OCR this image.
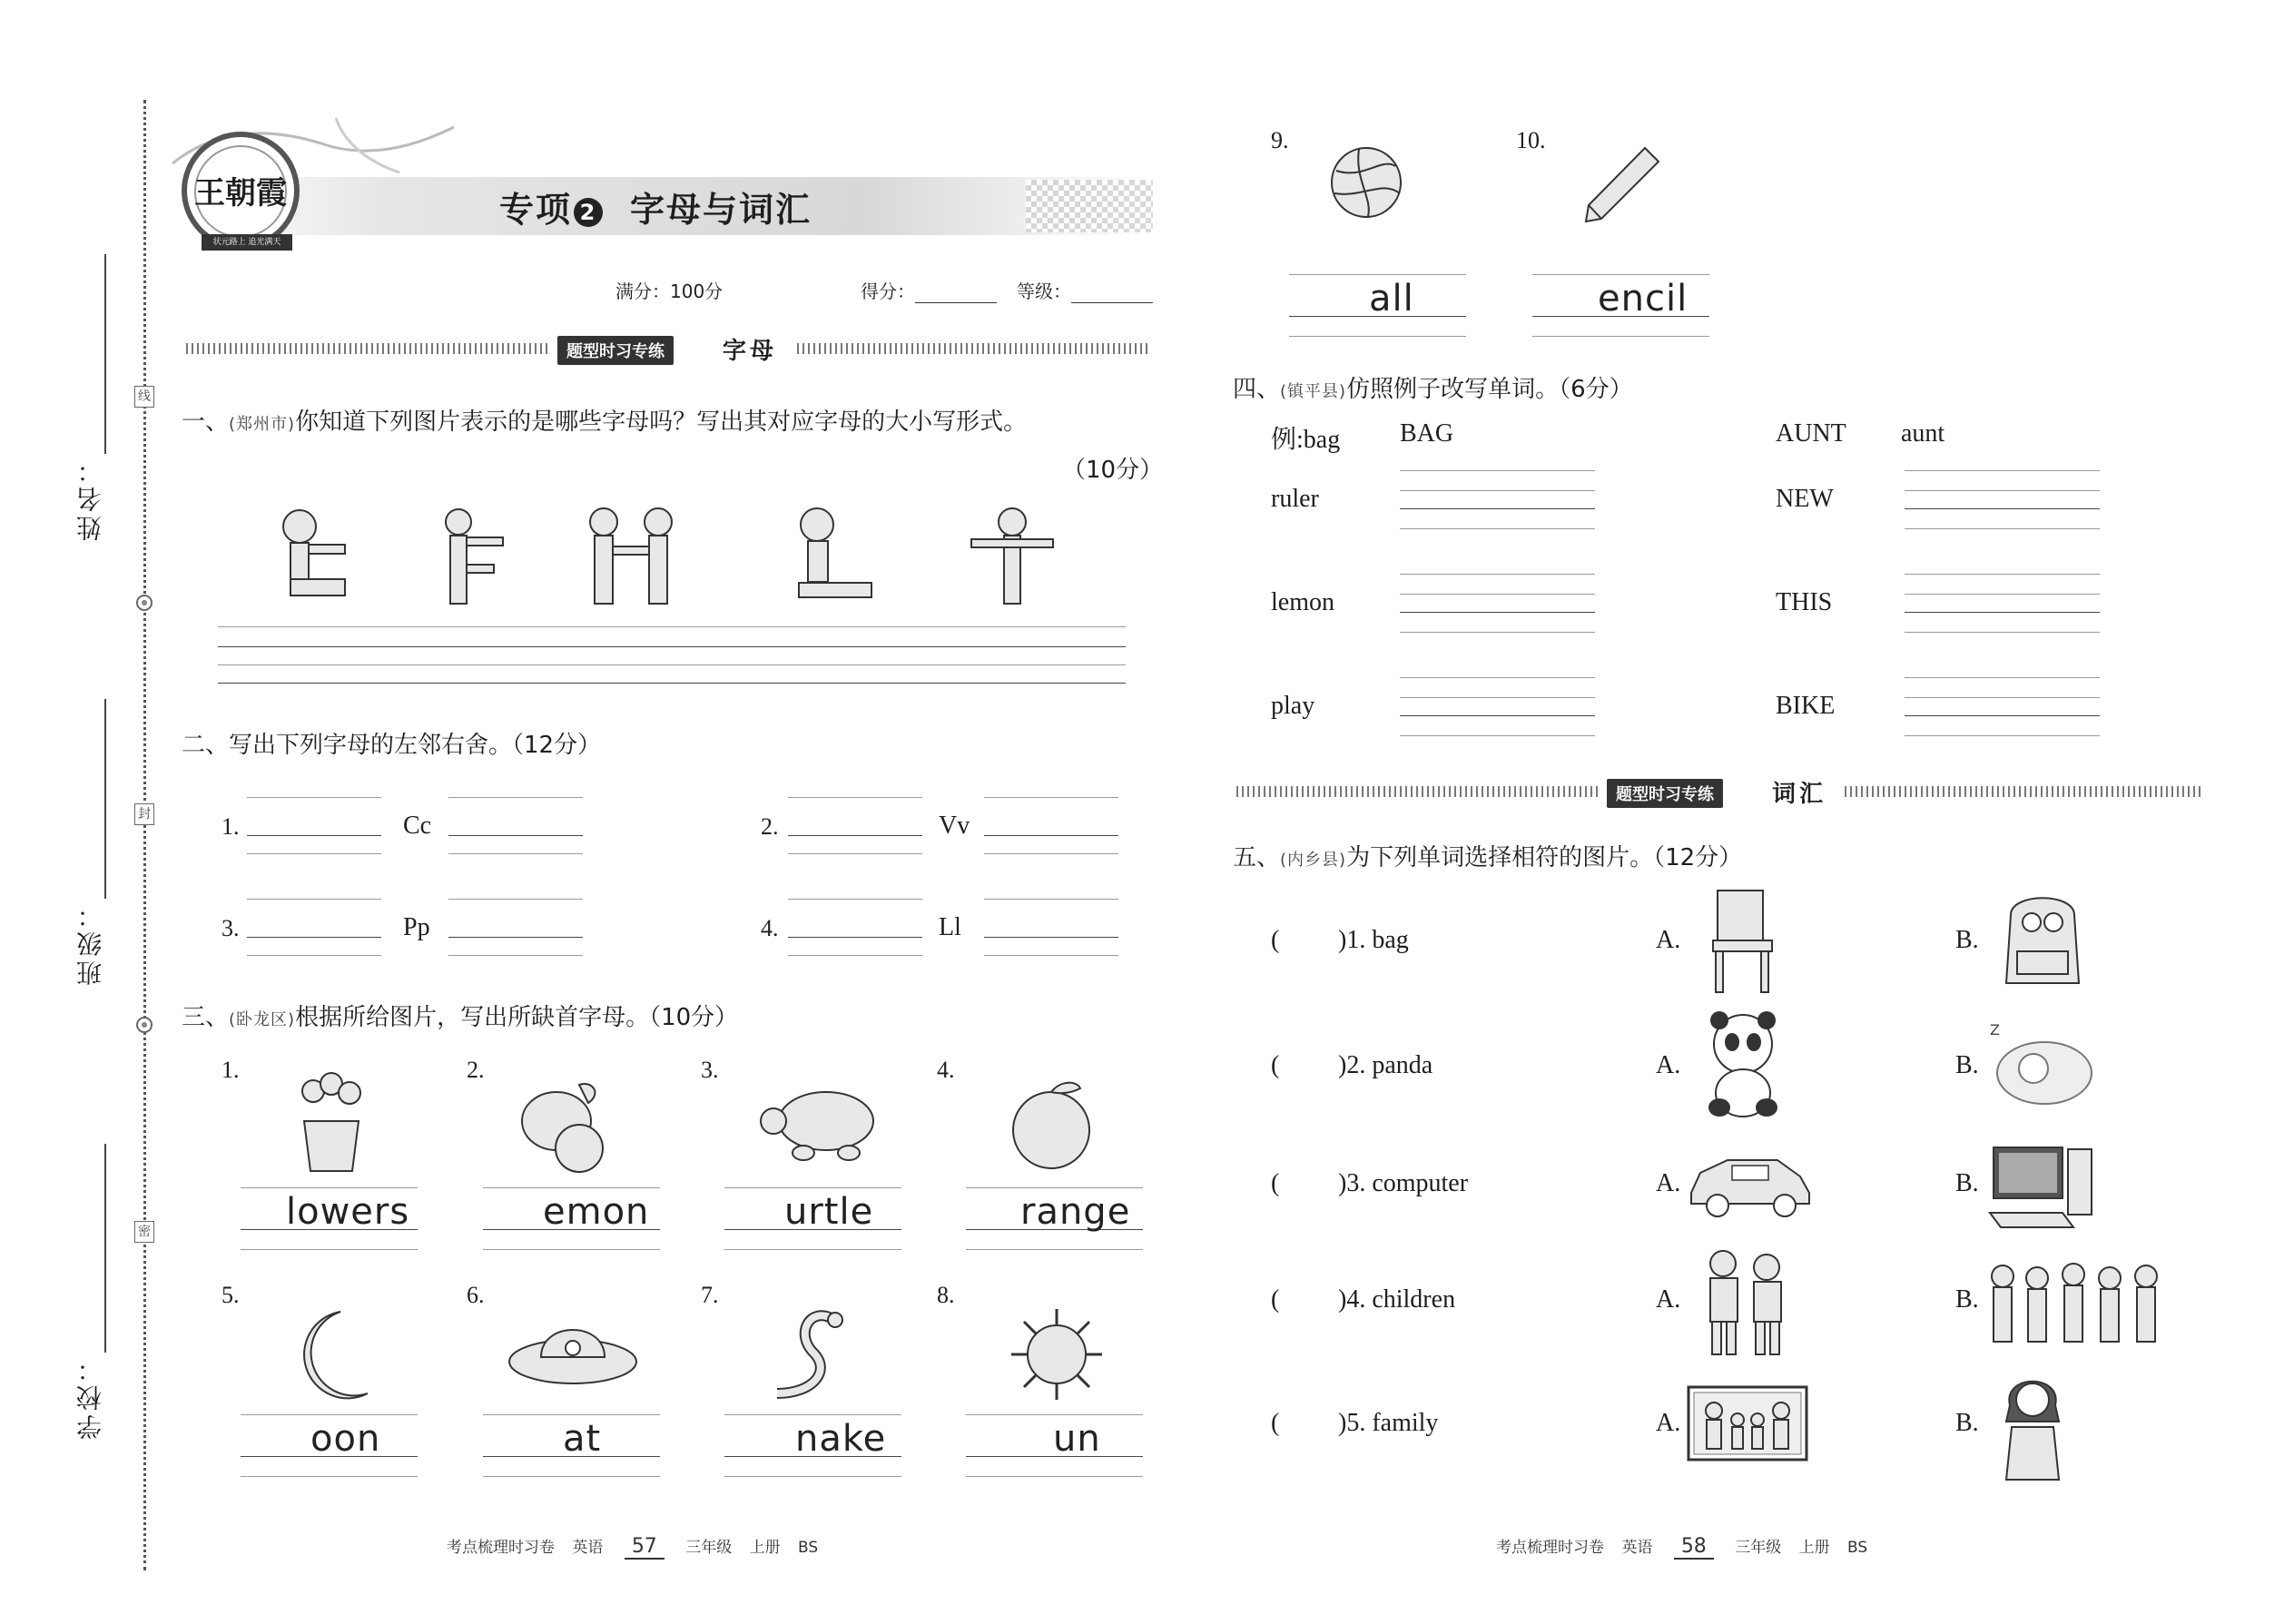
姓名：
班级：
学校：
线
封
密
王朝霞
状元路上 追光满天
专项 2 字母与词汇
满分：100分	得分：	等级：
题型时习专练	字母
一、(郑州市)你知道下列图片表示的是哪些字母吗？写出其对应字母的大小写形式。
（10分）
二、写出下列字母的左邻右舍。（12分）
1.	Cc	2.	Vv
3.	Pp	4.	Ll
三、(卧龙区)根据所给图片，写出所缺首字母。（10分）
1.	2.	3.	4.
lowers	emon	urtle	range
5.	6.	7.	8.
oon	at	nake	un
考点梳理时习卷 英语 57 三年级 上册 BS
9.	10.
all	encil
四、(镇平县)仿照例子改写单词。（6分）
例:bag BAG	AUNT aunt
ruler	NEW
lemon	THIS
play	BIKE
题型时习专练	词汇
五、(内乡县)为下列单词选择相符的图片。（12分）
( )1. bag	A.	B.
( )2. panda	A.	B.
Z
( )3. computer	A.	B.
( )4. children	A.	B.
( )5. family	A.	B.
考点梳理时习卷 英语 58 三年级 上册 BS
